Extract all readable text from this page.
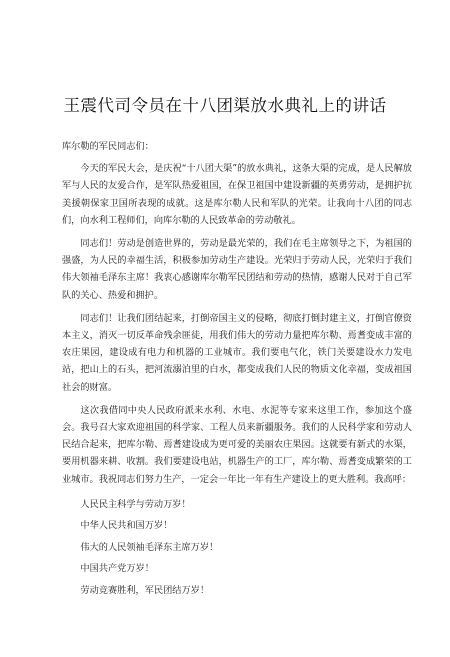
王震代司令员在十八团渠放水典礼上的讲话

库尔勒的军民同志们：

今天的军民大会，是庆祝“十八团大渠”的放水典礼，这条大渠的完成，是人民解放军与人民的友爱合作，是军队热爱祖国，在保卫祖国中建设新疆的英勇劳动，是拥护抗美援朝保家卫国所表现的成就。这是库尔勒人民和军队的光荣。让我向十八团的同志们，向水利工程师们，向库尔勒的人民致革命的劳动敬礼。

同志们！劳动是创造世界的，劳动是最光荣的，我们在毛主席领导之下，为祖国的强盛，为人民的幸福生活，积极参加劳动生产建设。光荣归于劳动人民，光荣归于我们伟大领袖毛泽东主席！我衷心感谢库尔勒军民团结和劳动的热情，感谢人民对于自己军队的关心、热爱和拥护。

同志们！让我们团结起来，打倒帝国主义的侵略，彻底打倒封建主义，打倒官僚资本主义，消灭一切反革命残余匪徒，用我们伟大的劳动力量把库尔勒、焉耆变成丰富的农庄果园，建设成有电力和机器的工业城市。我们要电气化，铁门关要建设水力发电站，把山上的石头，把河流溺泊里的白水，都变成我们人民的物质文化幸福，变成祖国社会的财富。

这次我借同中央人民政府派来水利、水电、水泥等专家来这里工作，参加这个盛会。我号召大家欢迎祖国的科学家、工程人员来新疆服务。我们的人民科学家和劳动人民结合起来，把库尔勒、焉耆建设成为更可爱的美丽农庄果园。这就要有新式的水渠，要用机器来耕、收割。我们要建设电站，机器生产的工厂，库尔勒、焉耆变成繁荣的工业城市。我祝同志们努力生产，一定会一年比一年有生产建设上的更大胜利。我高呼：

人民民主科学与劳动万岁！

中华人民共和国万岁！

伟大的人民领袖毛泽东主席万岁！

中国共产党万岁！

劳动竞赛胜利，军民团结万岁！
